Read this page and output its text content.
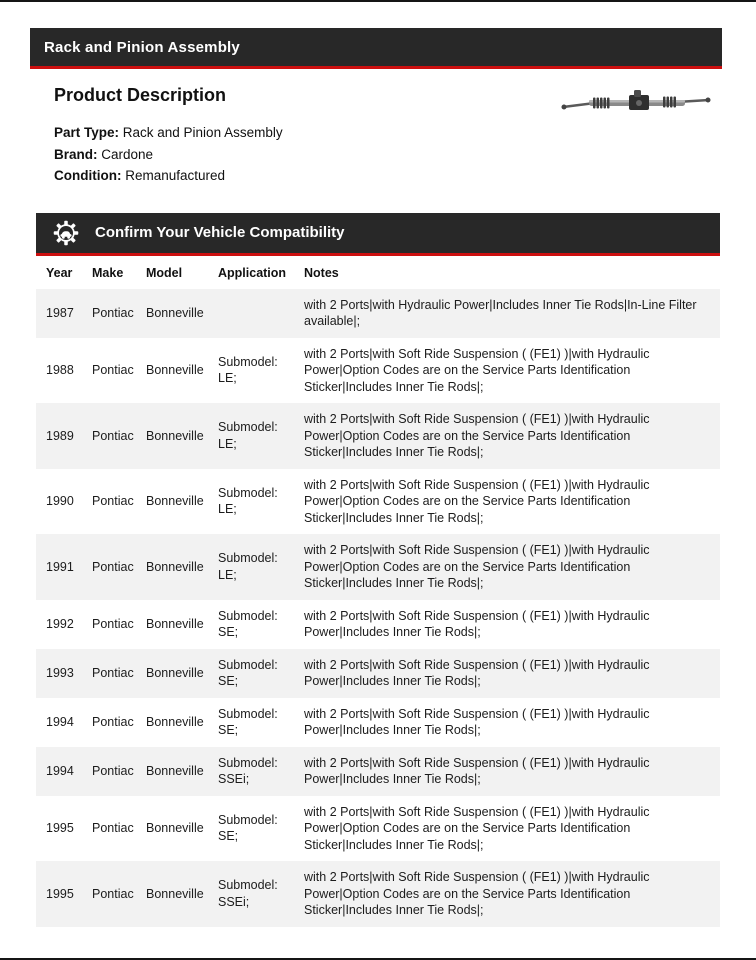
Rack and Pinion Assembly
Product Description
Part Type: Rack and Pinion Assembly
Brand: Cardone
Condition: Remanufactured
Confirm Your Vehicle Compatibility
Year	Make	Model	Application	Notes
1987	Pontiac	Bonneville		with 2 Ports|with Hydraulic Power|Includes Inner Tie Rods|In-Line Filter available|;
1988	Pontiac	Bonneville	Submodel: LE;	with 2 Ports|with Soft Ride Suspension ( (FE1) )|with Hydraulic Power|Option Codes are on the Service Parts Identification Sticker|Includes Inner Tie Rods|;
1989	Pontiac	Bonneville	Submodel: LE;	with 2 Ports|with Soft Ride Suspension ( (FE1) )|with Hydraulic Power|Option Codes are on the Service Parts Identification Sticker|Includes Inner Tie Rods|;
1990	Pontiac	Bonneville	Submodel: LE;	with 2 Ports|with Soft Ride Suspension ( (FE1) )|with Hydraulic Power|Option Codes are on the Service Parts Identification Sticker|Includes Inner Tie Rods|;
1991	Pontiac	Bonneville	Submodel: LE;	with 2 Ports|with Soft Ride Suspension ( (FE1) )|with Hydraulic Power|Option Codes are on the Service Parts Identification Sticker|Includes Inner Tie Rods|;
1992	Pontiac	Bonneville	Submodel: SE;	with 2 Ports|with Soft Ride Suspension ( (FE1) )|with Hydraulic Power|Includes Inner Tie Rods|;
1993	Pontiac	Bonneville	Submodel: SE;	with 2 Ports|with Soft Ride Suspension ( (FE1) )|with Hydraulic Power|Includes Inner Tie Rods|;
1994	Pontiac	Bonneville	Submodel: SE;	with 2 Ports|with Soft Ride Suspension ( (FE1) )|with Hydraulic Power|Includes Inner Tie Rods|;
1994	Pontiac	Bonneville	Submodel: SSEi;	with 2 Ports|with Soft Ride Suspension ( (FE1) )|with Hydraulic Power|Includes Inner Tie Rods|;
1995	Pontiac	Bonneville	Submodel: SE;	with 2 Ports|with Soft Ride Suspension ( (FE1) )|with Hydraulic Power|Option Codes are on the Service Parts Identification Sticker|Includes Inner Tie Rods|;
1995	Pontiac	Bonneville	Submodel: SSEi;	with 2 Ports|with Soft Ride Suspension ( (FE1) )|with Hydraulic Power|Option Codes are on the Service Parts Identification Sticker|Includes Inner Tie Rods|;
